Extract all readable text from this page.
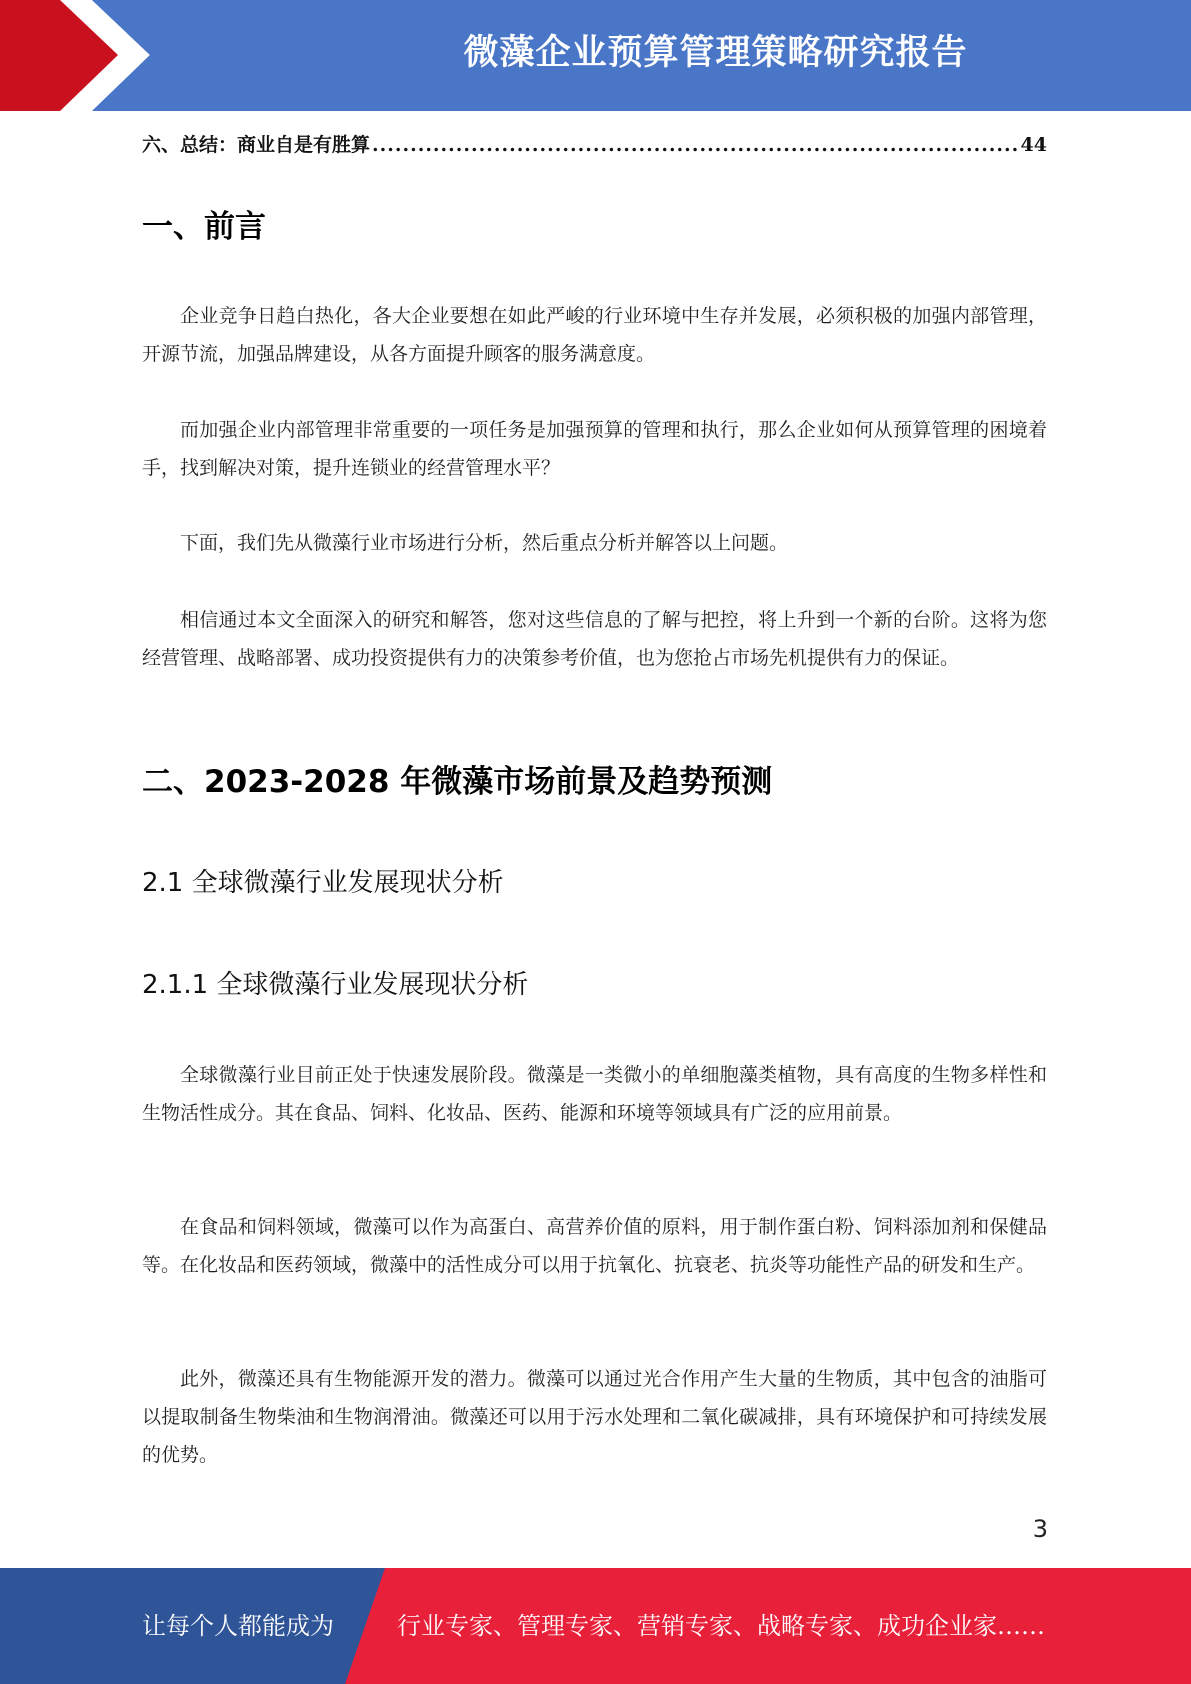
微藻企业预算管理策略研究报告
六、总结：商业自是有胜算
.....	44
一、前言
企业竞争日趋白热化，各大企业要想在如此严峻的行业环境中生存并发展，必须积极的加强内部管理，开源节流，加强品牌建设，从各方面提升顾客的服务满意度。
而加强企业内部管理非常重要的一项任务是加强预算的管理和执行，那么企业如何从预算管理的困境着手，找到解决对策，提升连锁业的经营管理水平？
下面，我们先从微藻行业市场进行分析，然后重点分析并解答以上问题。
相信通过本文全面深入的研究和解答，您对这些信息的了解与把控，将上升到一个新的台阶。这将为您经营管理、战略部署、成功投资提供有力的决策参考价值，也为您抢占市场先机提供有力的保证。
二、2023-2028 年微藻市场前景及趋势预测
2.1 全球微藻行业发展现状分析
2.1.1 全球微藻行业发展现状分析
全球微藻行业目前正处于快速发展阶段。微藻是一类微小的单细胞藻类植物，具有高度的生物多样性和生物活性成分。其在食品、饲料、化妆品、医药、能源和环境等领域具有广泛的应用前景。
在食品和饲料领域，微藻可以作为高蛋白、高营养价值的原料，用于制作蛋白粉、饲料添加剂和保健品等。在化妆品和医药领域，微藻中的活性成分可以用于抗氧化、抗衰老、抗炎等功能性产品的研发和生产。
此外，微藻还具有生物能源开发的潜力。微藻可以通过光合作用产生大量的生物质，其中包含的油脂可以提取制备生物柴油和生物润滑油。微藻还可以用于污水处理和二氧化碳减排，具有环境保护和可持续发展的优势。
3
让每个人都能成为	行业专家、管理专家、营销专家、战略专家、成功企业家……
